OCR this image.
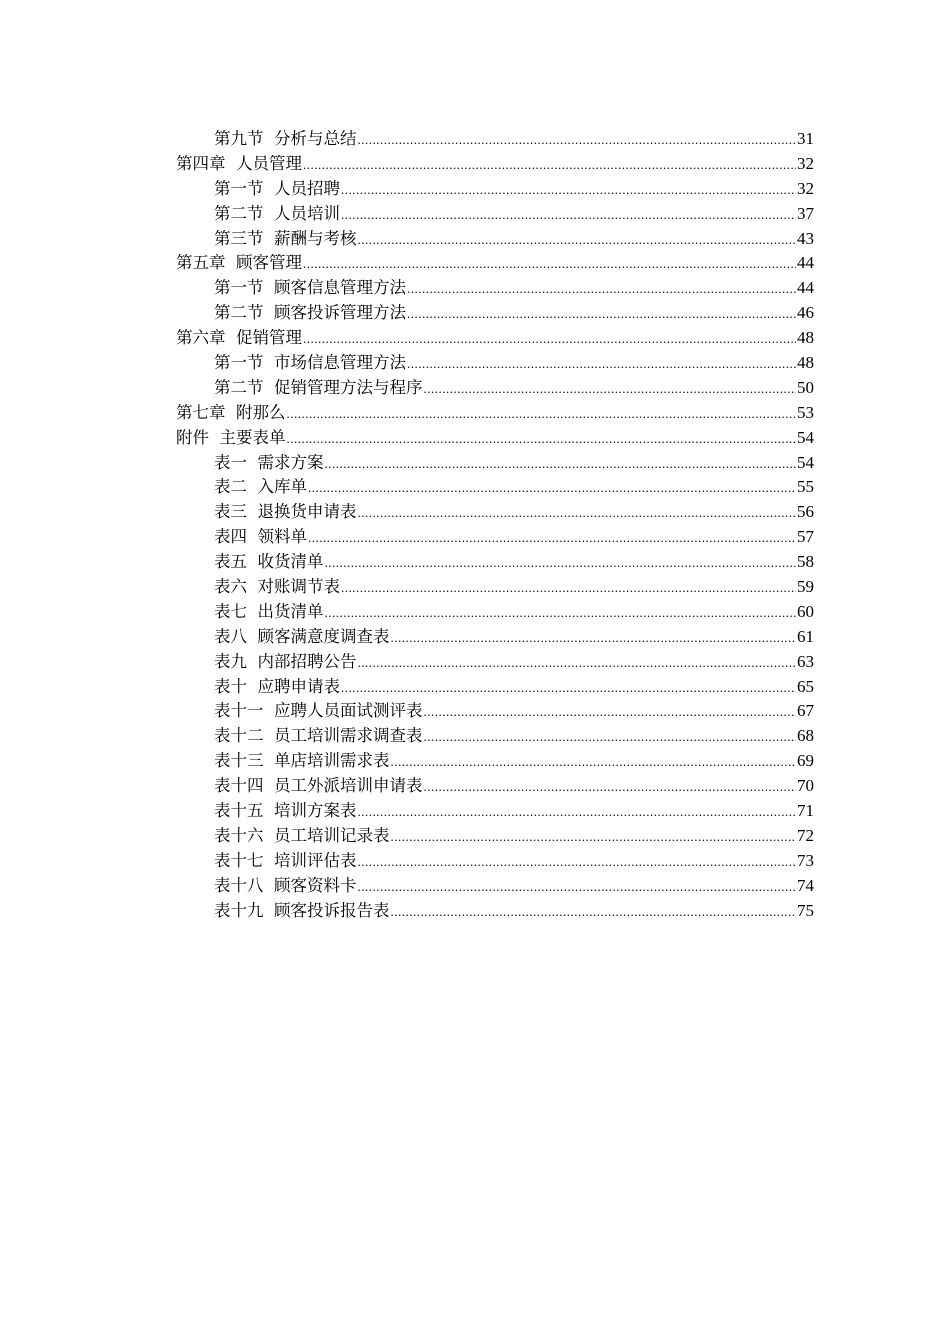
第九节  分析与总结 .....	31
第四章  人员管理 .....	32
第一节  人员招聘 .....	32
第二节  人员培训 .....	37
第三节  薪酬与考核 .....	43
第五章  顾客管理 .....	44
第一节  顾客信息管理方法 .....	44
第二节  顾客投诉管理方法 .....	46
第六章  促销管理 .....	48
第一节  市场信息管理方法 .....	48
第二节  促销管理方法与程序 .....	50
第七章  附那么 .....	53
附件  主要表单 .....	54
表一  需求方案 .....	54
表二  入库单 .....	55
表三  退换货申请表 .....	56
表四  领料单 .....	57
表五  收货清单 .....	58
表六  对账调节表 .....	59
表七  出货清单 .....	60
表八  顾客满意度调查表 .....	61
表九  内部招聘公告 .....	63
表十  应聘申请表 .....	65
表十一  应聘人员面试测评表 .....	67
表十二  员工培训需求调查表 .....	68
表十三  单店培训需求表 .....	69
表十四  员工外派培训申请表 .....	70
表十五  培训方案表 .....	71
表十六  员工培训记录表 .....	72
表十七  培训评估表 .....	73
表十八  顾客资料卡 .....	74
表十九  顾客投诉报告表 .....	75
